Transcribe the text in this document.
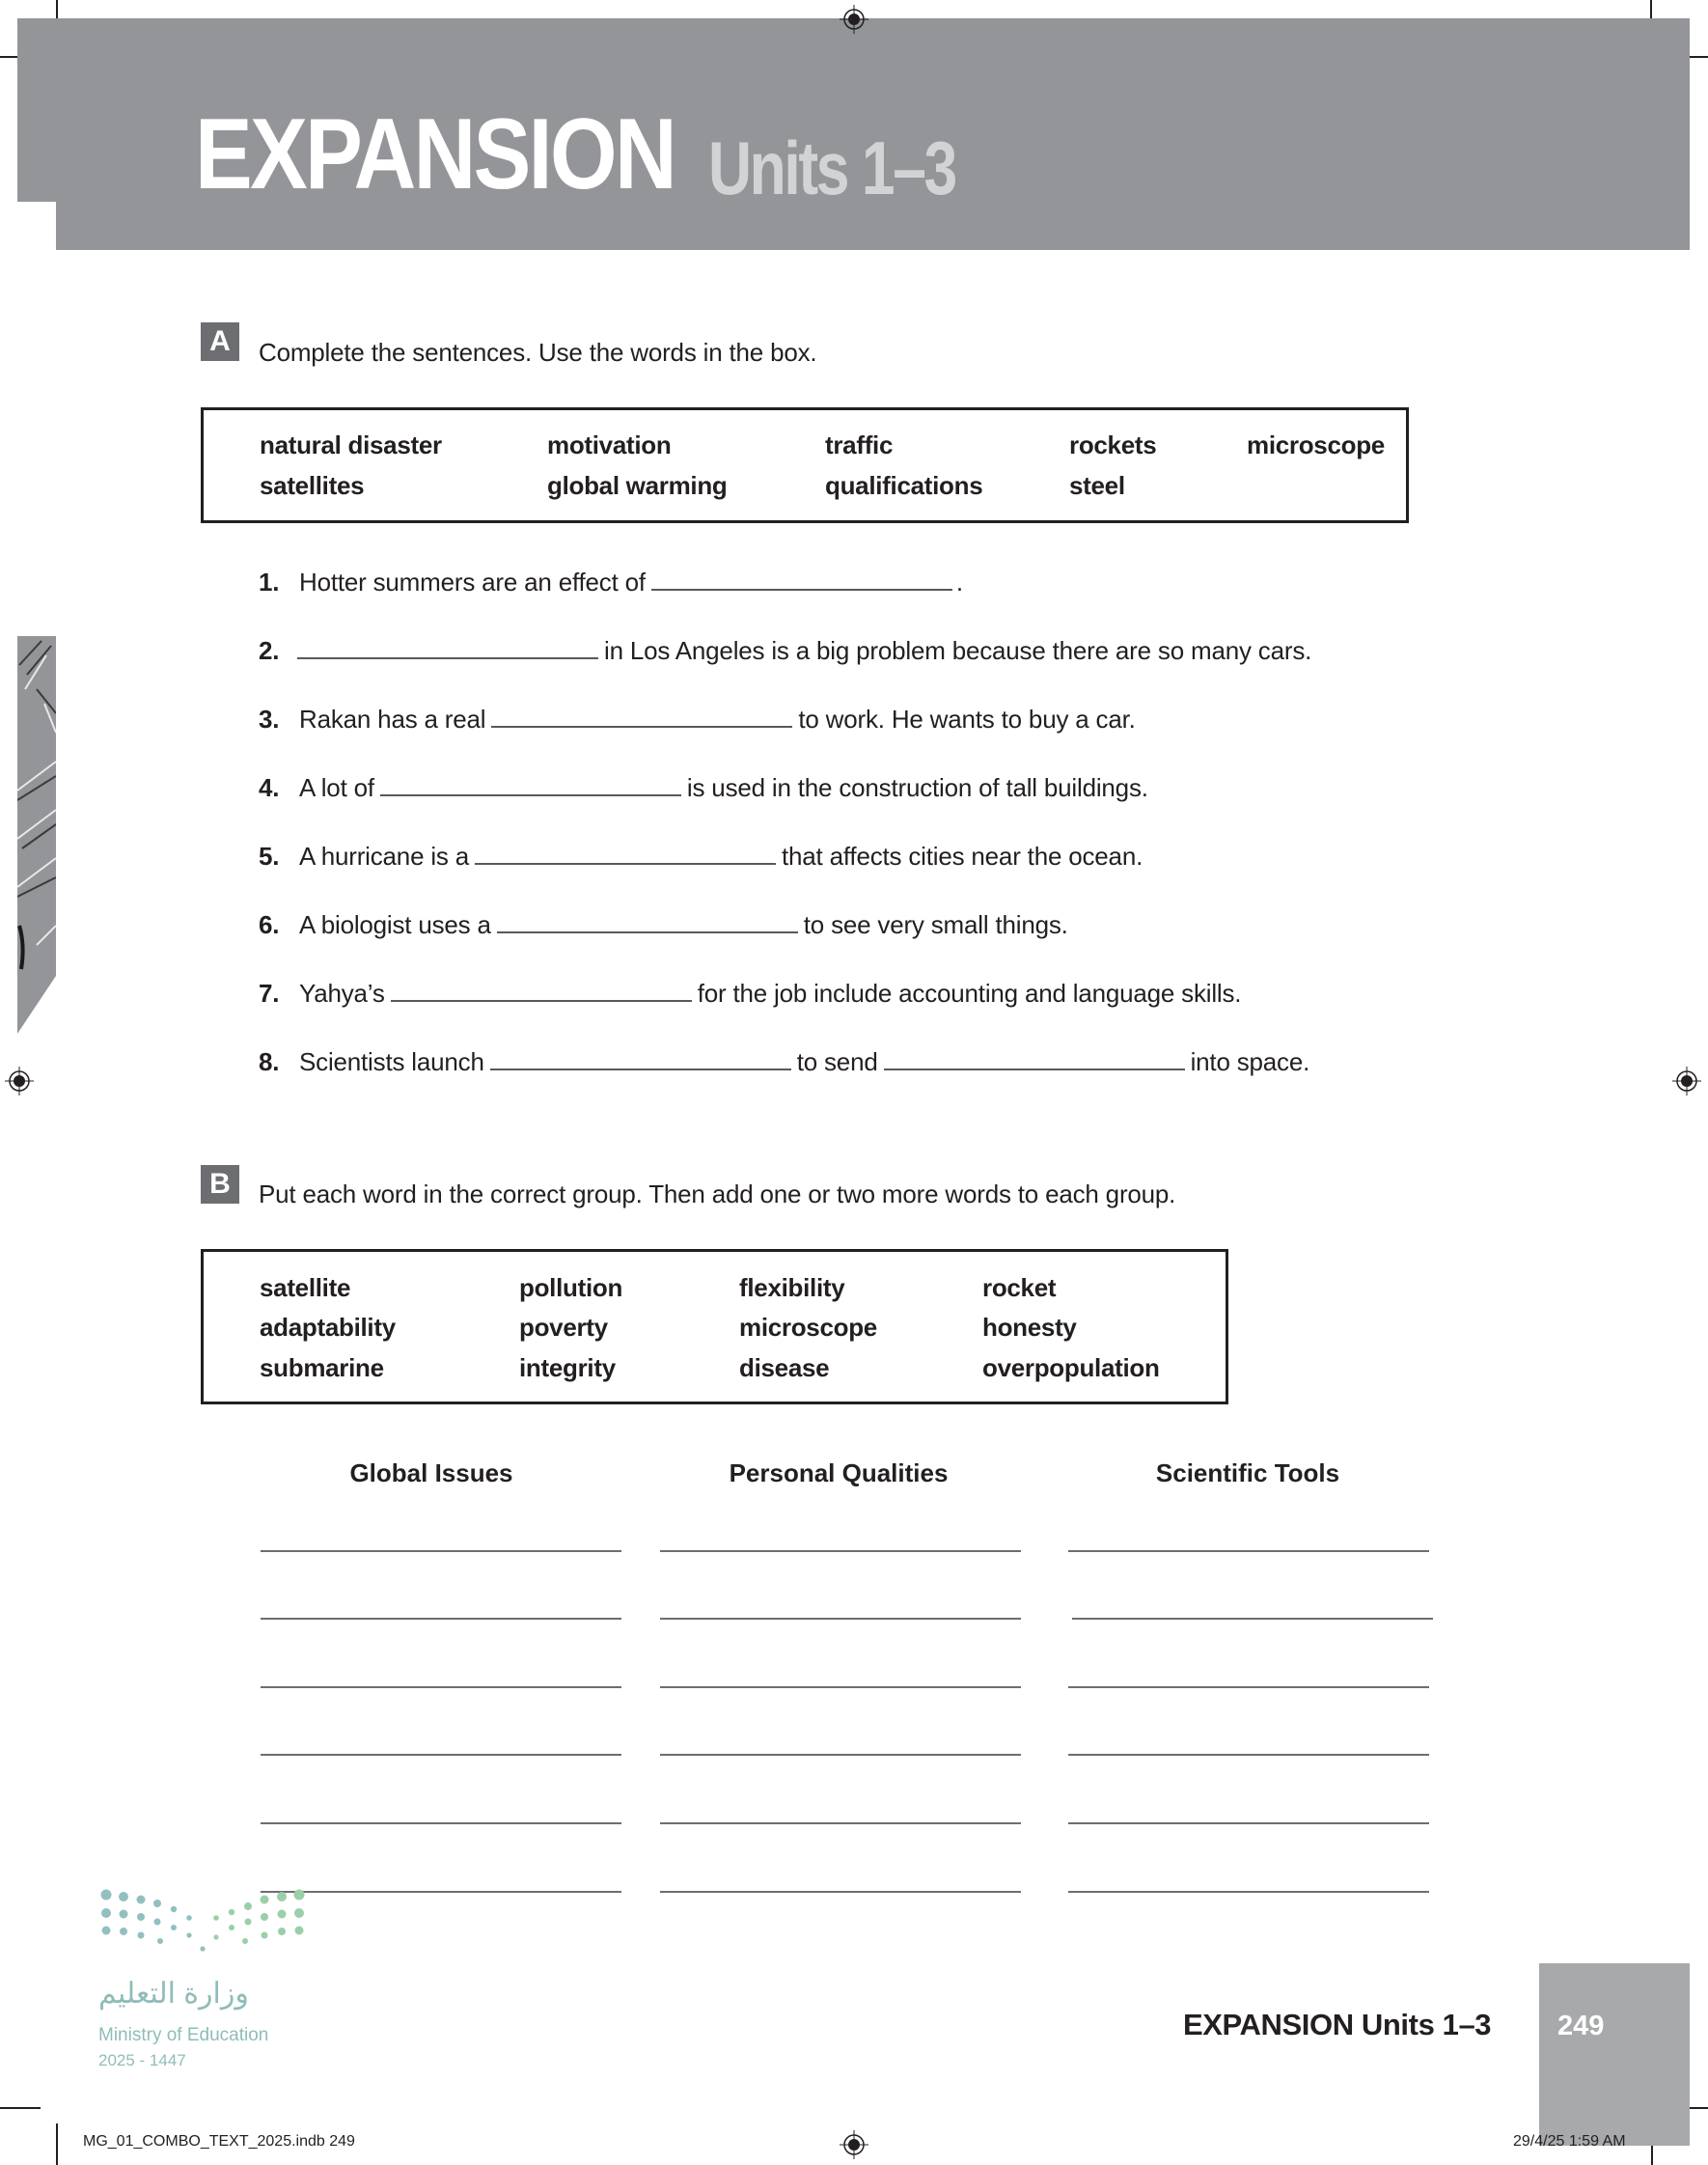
EXPANSION Units 1–3
A	Complete the sentences. Use the words in the box.
natural disaster	motivation	traffic	rockets	microscope
satellites	global warming	qualifications	steel
1. Hotter summers are an effect of	.
2.	in Los Angeles is a big problem because there are so many cars.
3. Rakan has a real	to work. He wants to buy a car.
4. A lot of	is used in the construction of tall buildings.
5. A hurricane is a	that affects cities near the ocean.
6. A biologist uses a	to see very small things.
7. Yahya’s	for the job include accounting and language skills.
8. Scientists launch	to send	into space.
B	Put each word in the correct group. Then add one or two more words to each group.
satellite	pollution	flexibility	rocket
adaptability	poverty	microscope	honesty
submarine	integrity	disease	overpopulation
Global Issues	Personal Qualities	Scientific Tools
وزارة التعليم
Ministry of Education
2025 - 1447
EXPANSION Units 1–3 249
MG_01_COMBO_TEXT_2025.indb 249	29/4/25 1:59 AM
